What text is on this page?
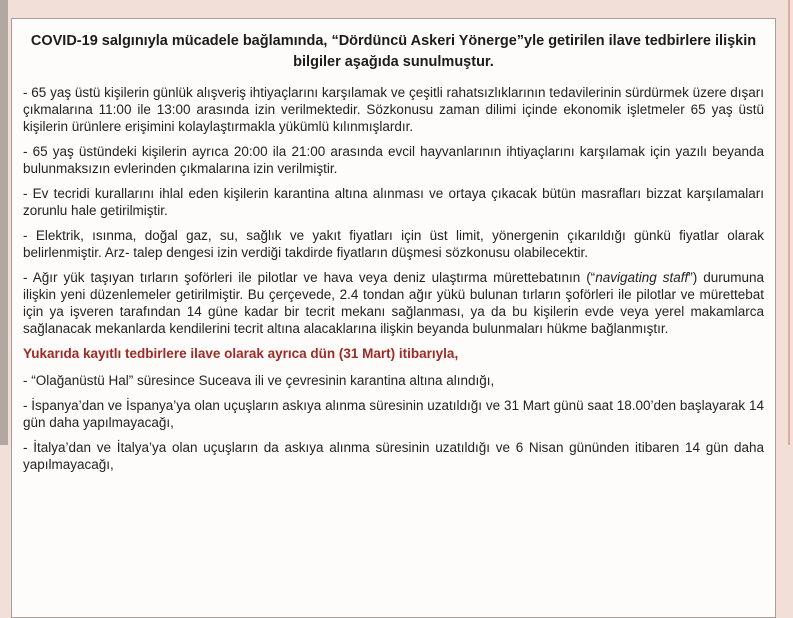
COVID-19 salgınıyla mücadele bağlamında, “Dördüncü Askeri Yönerge”yle getirilen ilave tedbirlere ilişkin bilgiler aşağıda sunulmuştur.

- 65 yaş üstü kişilerin günlük alışveriş ihtiyaçlarını karşılamak ve çeşitli rahatsızlıklarının tedavilerinin sürdürmek üzere dışarı çıkmalarına 11:00 ile 13:00 arasında izin verilmektedir. Sözkonusu zaman dilimi içinde ekonomik işletmeler 65 yaş üstü kişilerin ürünlere erişimini kolaylaştırmakla yükümlü kılınmışlardır.

- 65 yaş üstündeki kişilerin ayrıca 20:00 ila 21:00 arasında evcil hayvanlarının ihtiyaçlarını karşılamak için yazılı beyanda bulunmaksızın evlerinden çıkmalarına izin verilmiştir.

- Ev tecridi kurallarını ihlal eden kişilerin karantina altına alınması ve ortaya çıkacak bütün masrafları bizzat karşılamaları zorunlu hale getirilmiştir.

- Elektrik, ısınma, doğal gaz, su, sağlık ve yakıt fiyatları için üst limit, yönergenin çıkarıldığı günkü fiyatlar olarak belirlenmiştir. Arz- talep dengesi izin verdiği takdirde fiyatların düşmesi sözkonusu olabilecektir.

- Ağır yük taşıyan tırların şoförleri ile pilotlar ve hava veya deniz ulaştırma mürettebatının (“navigating staff”) durumuna ilişkin yeni düzenlemeler getirilmiştir. Bu çerçevede, 2.4 tondan ağır yükü bulunan tırların şoförleri ile pilotlar ve mürettebat için ya işveren tarafından 14 güne kadar bir tecrit mekanı sağlanması, ya da bu kişilerin evde veya yerel makamlarca sağlanacak mekanlarda kendilerini tecrit altına alacaklarına ilişkin beyanda bulunmaları hükme bağlanmıştır.

Yukarıda kayıtlı tedbirlere ilave olarak ayrıca dün (31 Mart) itibarıyla,

- “Olağanüstü Hal” süresince Suceava ili ve çevresinin karantina altına alındığı,

- İspanya’dan ve İspanya’ya olan uçuşların askıya alınma süresinin uzatıldığı ve 31 Mart günü saat 18.00’den başlayarak 14 gün daha yapılmayacağı,

- İtalya’dan ve İtalya’ya olan uçuşların da askıya alınma süresinin uzatıldığı ve 6 Nisan gününden itibaren 14 gün daha yapılmayacağı,
